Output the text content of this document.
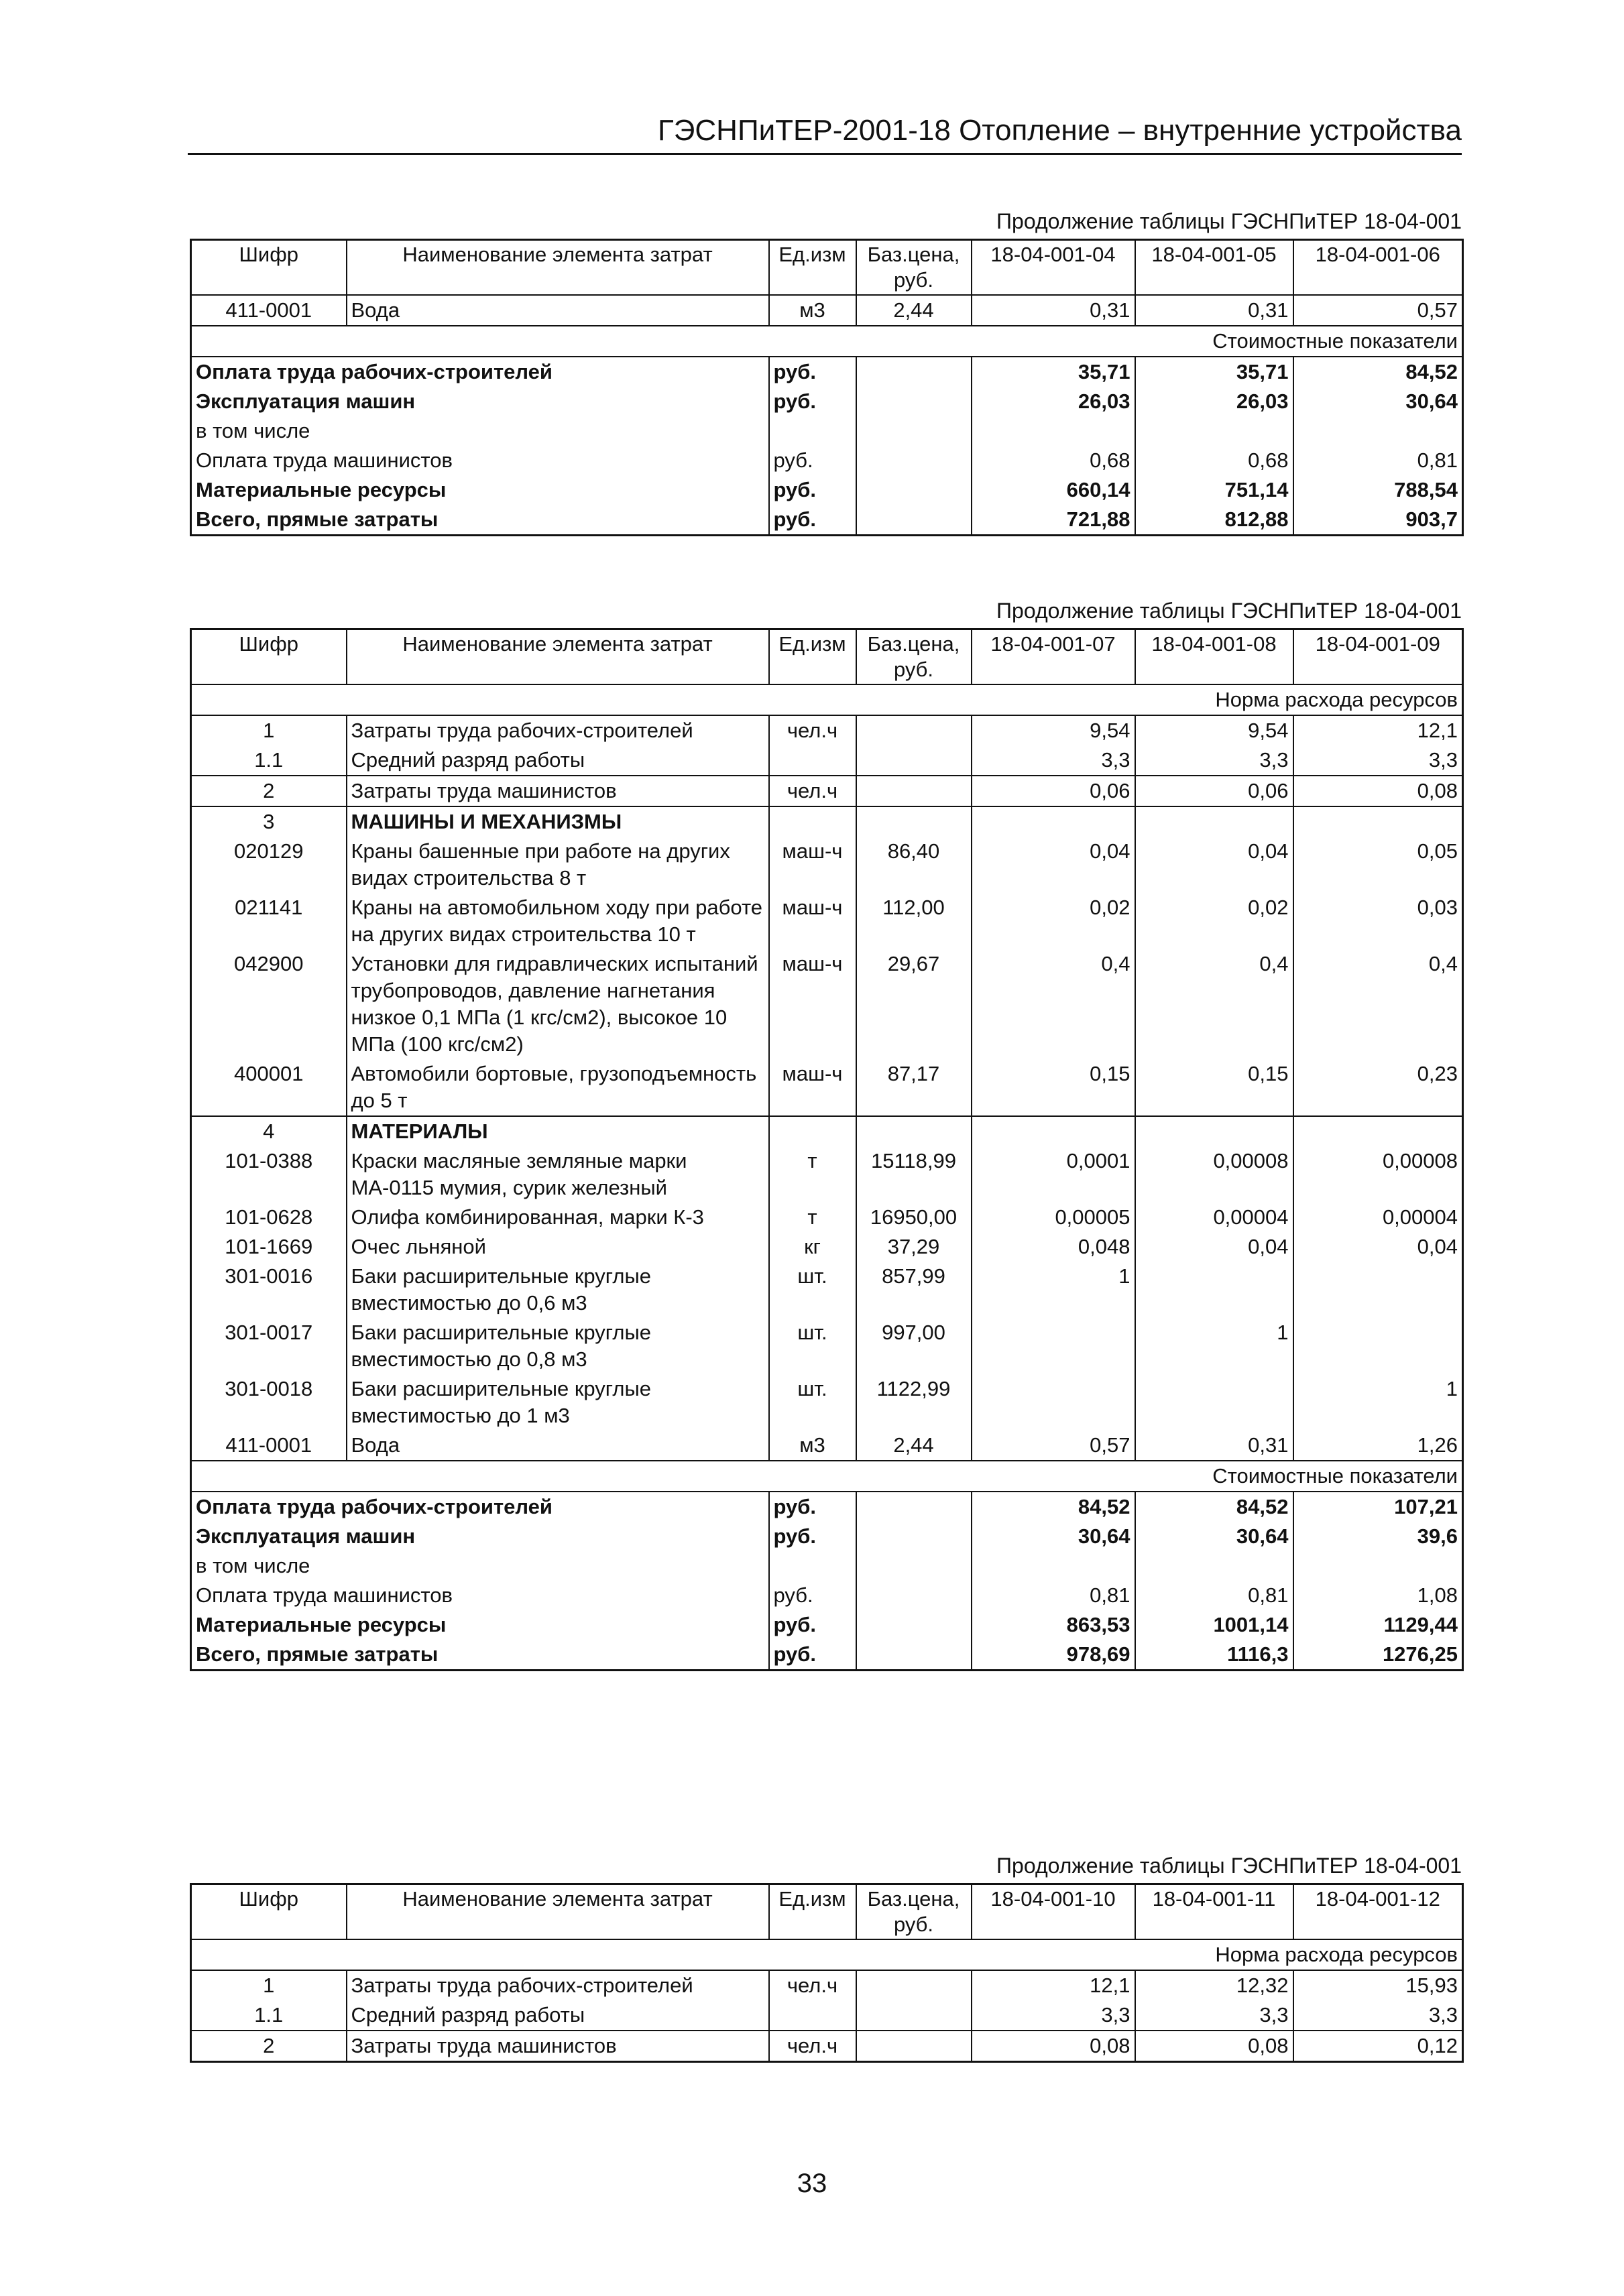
ГЭСНПиТЕР-2001-18 Отопление – внутренние устройства
Продолжение таблицы ГЭСНПиТЕР 18-04-001
Шифр	Наименование элемента затрат	Ед.изм	Баз.цена, руб.	18-04-001-04	18-04-001-05	18-04-001-06
411-0001	Вода	м3	2,44	0,31	0,31	0,57
Стоимостные показатели						
Оплата труда рабочих-строителей		руб.		35,71	35,71	84,52
Эксплуатация машин		руб.		26,03	26,03	30,64
в том числе						
Оплата труда машинистов		руб.		0,68	0,68	0,81
Материальные ресурсы		руб.		660,14	751,14	788,54
Всего, прямые затраты		руб.		721,88	812,88	903,7
Продолжение таблицы ГЭСНПиТЕР 18-04-001
Шифр	Наименование элемента затрат	Ед.изм	Баз.цена, руб.	18-04-001-07	18-04-001-08	18-04-001-09
Норма расхода ресурсов						
1	Затраты труда рабочих-строителей	чел.ч		9,54	9,54	12,1
1.1	Средний разряд работы			3,3	3,3	3,3
2	Затраты труда машинистов	чел.ч		0,06	0,06	0,08
3	МАШИНЫ И МЕХАНИЗМЫ					
020129	Краны башенные при работе на других видах строительства 8 т	маш-ч	86,40	0,04	0,04	0,05
021141	Краны на автомобильном ходу при работе на других видах строительства 10 т	маш-ч	112,00	0,02	0,02	0,03
042900	Установки для гидравлических испытаний трубопроводов, давление нагнетания низкое 0,1 МПа (1 кгс/см2), высокое 10 МПа (100 кгс/см2)	маш-ч	29,67	0,4	0,4	0,4
400001	Автомобили бортовые, грузоподъемность до 5 т	маш-ч	87,17	0,15	0,15	0,23
4	МАТЕРИАЛЫ					
101-0388	Краски масляные земляные марки МА-0115 мумия, сурик железный	т	15118,99	0,0001	0,00008	0,00008
101-0628	Олифа комбинированная, марки К-3	т	16950,00	0,00005	0,00004	0,00004
101-1669	Очес льняной	кг	37,29	0,048	0,04	0,04
301-0016	Баки расширительные круглые вместимостью до 0,6 м3	шт.	857,99	1		
301-0017	Баки расширительные круглые вместимостью до 0,8 м3	шт.	997,00		1	
301-0018	Баки расширительные круглые вместимостью до 1 м3	шт.	1122,99			1
411-0001	Вода	м3	2,44	0,57	0,31	1,26
Стоимостные показатели						
Оплата труда рабочих-строителей		руб.		84,52	84,52	107,21
Эксплуатация машин		руб.		30,64	30,64	39,6
в том числе						
Оплата труда машинистов		руб.		0,81	0,81	1,08
Материальные ресурсы		руб.		863,53	1001,14	1129,44
Всего, прямые затраты		руб.		978,69	1116,3	1276,25
Продолжение таблицы ГЭСНПиТЕР 18-04-001
Шифр	Наименование элемента затрат	Ед.изм	Баз.цена, руб.	18-04-001-10	18-04-001-11	18-04-001-12
Норма расхода ресурсов						
1	Затраты труда рабочих-строителей	чел.ч		12,1	12,32	15,93
1.1	Средний разряд работы			3,3	3,3	3,3
2	Затраты труда машинистов	чел.ч		0,08	0,08	0,12
33
